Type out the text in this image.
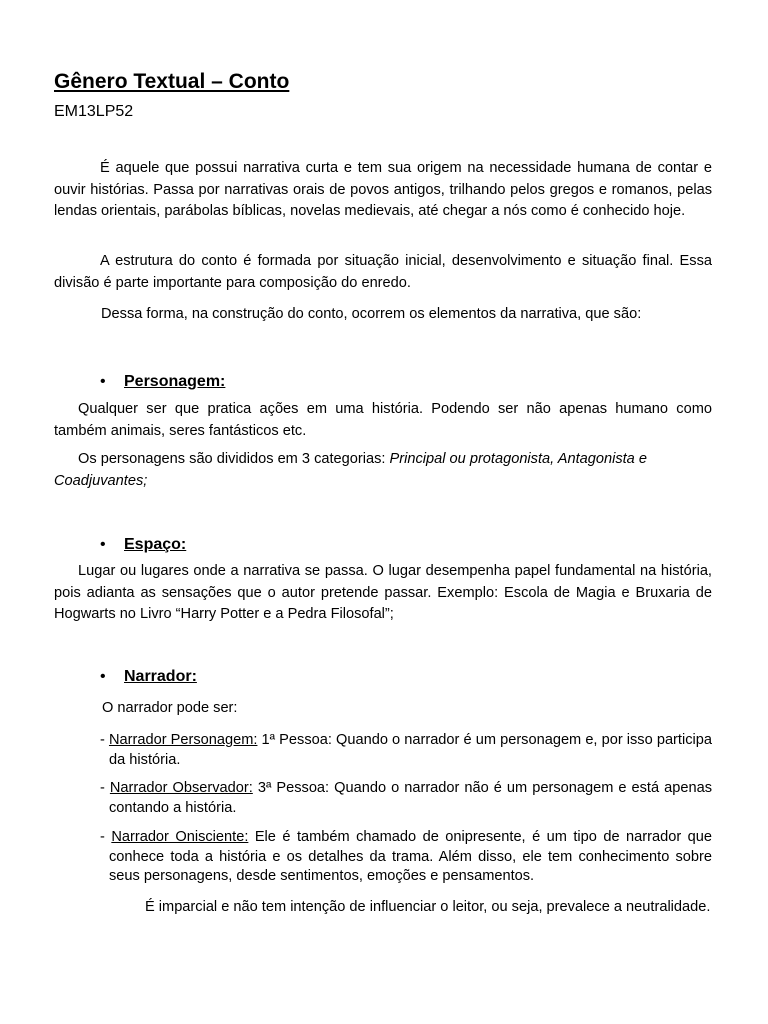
Gênero Textual – Conto

EM13LP52

É aquele que possui narrativa curta e tem sua origem na necessidade humana de contar e ouvir histórias. Passa por narrativas orais de povos antigos, trilhando pelos gregos e romanos, pelas lendas orientais, parábolas bíblicas, novelas medievais, até chegar a nós como é conhecido hoje.

A estrutura do conto é formada por situação inicial, desenvolvimento e situação final. Essa divisão é parte importante para composição do enredo.

Dessa forma, na construção do conto, ocorrem os elementos da narrativa, que são:

• Personagem:

Qualquer ser que pratica ações em uma história. Podendo ser não apenas humano como também animais, seres fantásticos etc.

Os personagens são divididos em 3 categorias: Principal ou protagonista, Antagonista e Coadjuvantes;

• Espaço:

Lugar ou lugares onde a narrativa se passa. O lugar desempenha papel fundamental na história, pois adianta as sensações que o autor pretende passar. Exemplo: Escola de Magia e Bruxaria de Hogwarts no Livro “Harry Potter e a Pedra Filosofal”;

• Narrador:

O narrador pode ser:

- Narrador Personagem: 1ª Pessoa: Quando o narrador é um personagem e, por isso participa da história.

- Narrador Observador: 3ª Pessoa: Quando o narrador não é um personagem e está apenas contando a história.

- Narrador Onisciente: Ele é também chamado de onipresente, é um tipo de narrador que conhece toda a história e os detalhes da trama. Além disso, ele tem conhecimento sobre seus personagens, desde sentimentos, emoções e pensamentos.

É imparcial e não tem intenção de influenciar o leitor, ou seja, prevalece a neutralidade.
